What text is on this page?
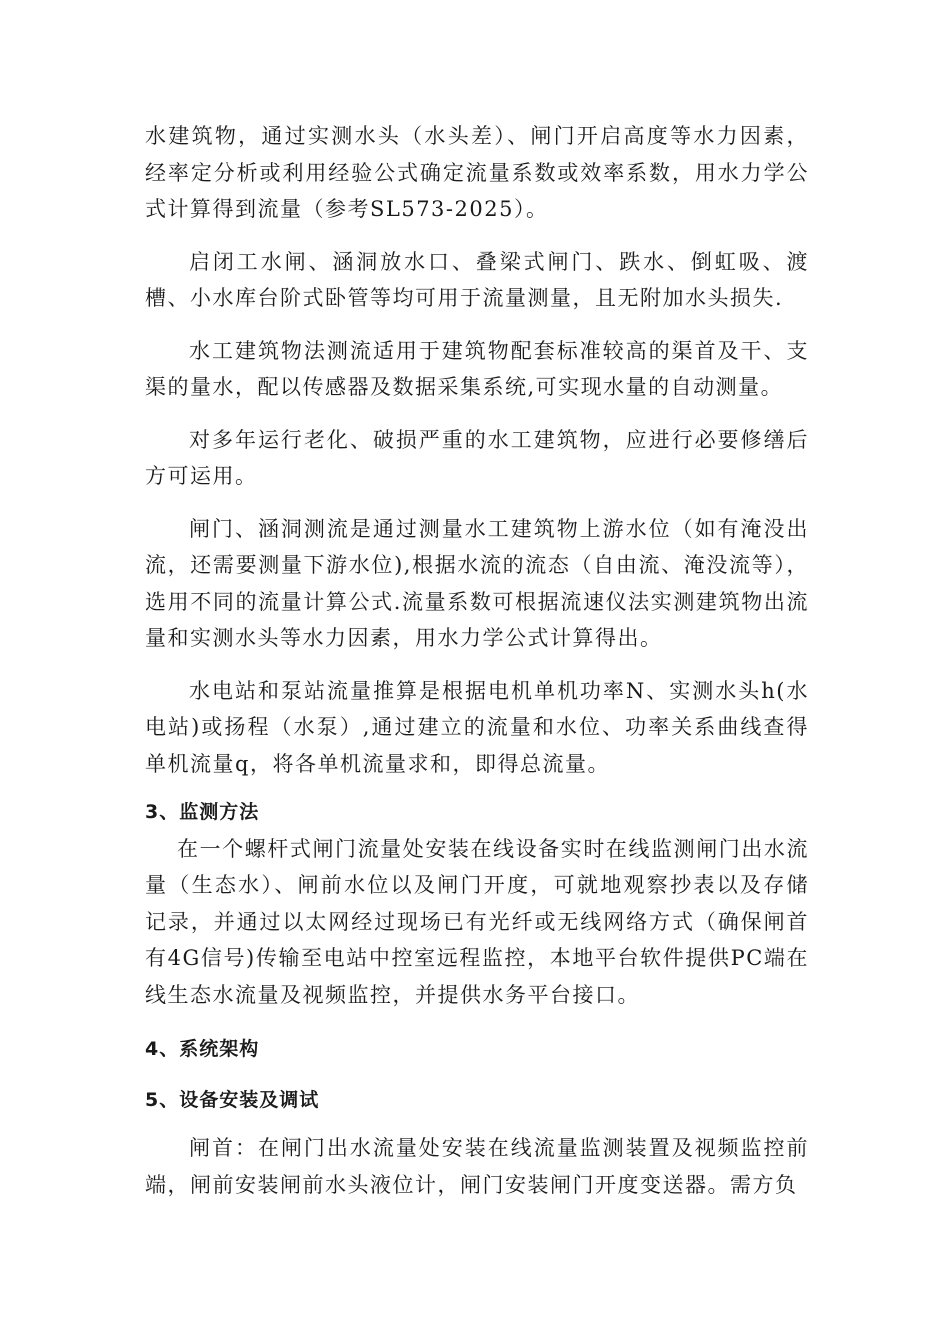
水建筑物，通过实测水头（水头差）、闸门开启高度等水力因素，经率定分析或利用经验公式确定流量系数或效率系数，用水力学公式计算得到流量（参考SL573-2025）。

启闭工水闸、涵洞放水口、叠梁式闸门、跌水、倒虹吸、渡槽、小水库台阶式卧管等均可用于流量测量，且无附加水头损失.

水工建筑物法测流适用于建筑物配套标准较高的渠首及干、支渠的量水，配以传感器及数据采集系统,可实现水量的自动测量。

对多年运行老化、破损严重的水工建筑物，应进行必要修缮后方可运用。

闸门、涵洞测流是通过测量水工建筑物上游水位（如有淹没出流，还需要测量下游水位),根据水流的流态（自由流、淹没流等），选用不同的流量计算公式.流量系数可根据流速仪法实测建筑物出流量和实测水头等水力因素，用水力学公式计算得出。

水电站和泵站流量推算是根据电机单机功率N、实测水头h(水电站)或扬程（水泵）,通过建立的流量和水位、功率关系曲线查得单机流量q，将各单机流量求和，即得总流量。

3、监测方法

在一个螺杆式闸门流量处安装在线设备实时在线监测闸门出水流量（生态水）、闸前水位以及闸门开度，可就地观察抄表以及存储记录，并通过以太网经过现场已有光纤或无线网络方式（确保闸首有4G信号)传输至电站中控室远程监控，本地平台软件提供PC端在线生态水流量及视频监控，并提供水务平台接口。

4、系统架构
5、设备安装及调试

闸首：在闸门出水流量处安装在线流量监测装置及视频监控前端，闸前安装闸前水头液位计，闸门安装闸门开度变送器。需方负
